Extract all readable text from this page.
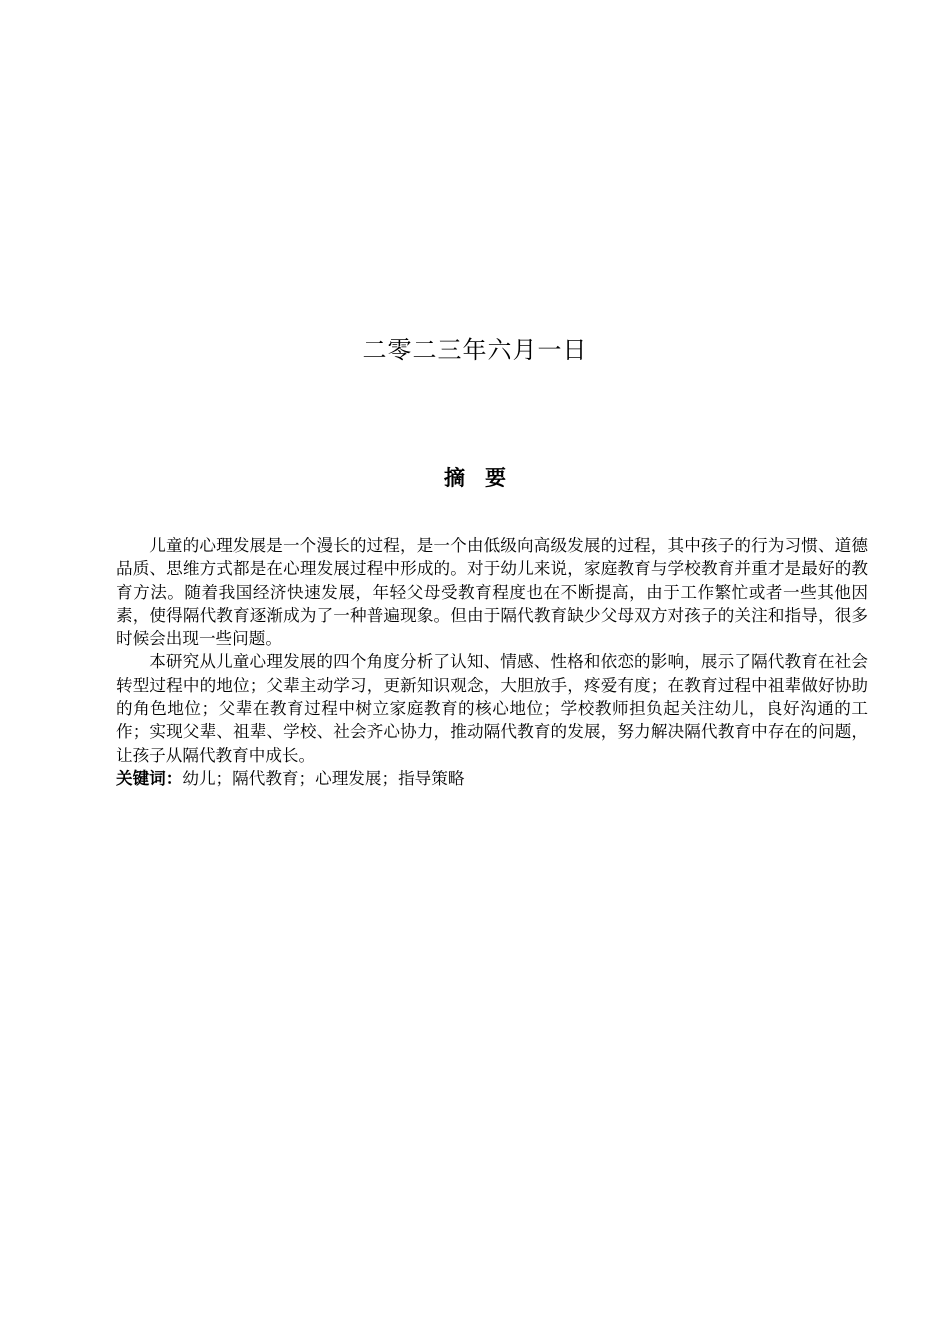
二零二三年六月一日
摘要

儿童的心理发展是一个漫长的过程，是一个由低级向高级发展的过程，其中孩子的行为习惯、道德品质、思维方式都是在心理发展过程中形成的。对于幼儿来说，家庭教育与学校教育并重才是最好的教育方法。随着我国经济快速发展，年轻父母受教育程度也在不断提高，由于工作繁忙或者一些其他因素，使得隔代教育逐渐成为了一种普遍现象。但由于隔代教育缺少父母双方对孩子的关注和指导，很多时候会出现一些问题。

本研究从儿童心理发展的四个角度分析了认知、情感、性格和依恋的影响，展示了隔代教育在社会转型过程中的地位；父辈主动学习，更新知识观念，大胆放手，疼爱有度；在教育过程中祖辈做好协助的角色地位；父辈在教育过程中树立家庭教育的核心地位；学校教师担负起关注幼儿，良好沟通的工作；实现父辈、祖辈、学校、社会齐心协力，推动隔代教育的发展，努力解决隔代教育中存在的问题，让孩子从隔代教育中成长。

关键词：幼儿；隔代教育；心理发展；指导策略
